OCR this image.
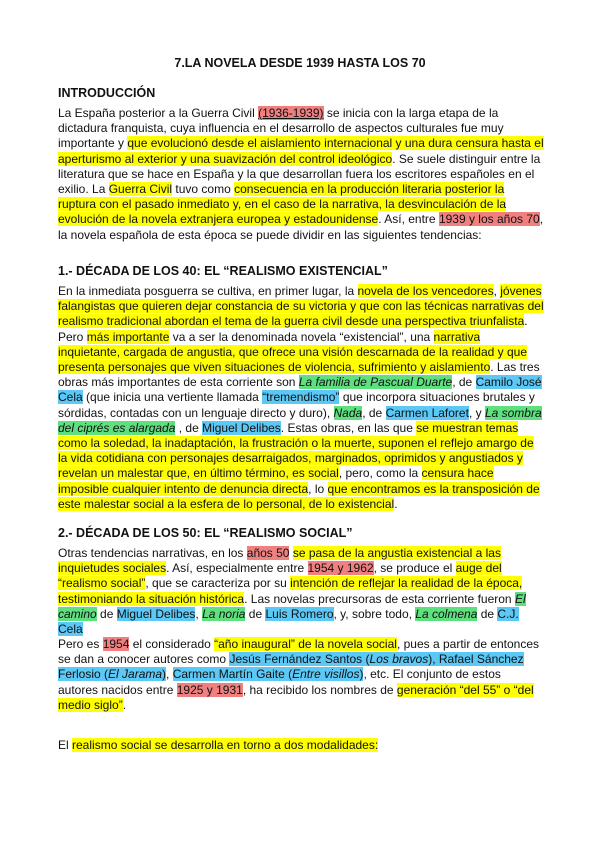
7.LA NOVELA DESDE 1939 HASTA LOS 70
INTRODUCCIÓN
La España posterior a la Guerra Civil (1936-1939) se inicia con la larga etapa de la dictadura franquista, cuya influencia en el desarrollo de aspectos culturales fue muy importante y que evolucionó desde el aislamiento internacional y una dura censura hasta el aperturismo al exterior y una suavización del control ideológico. Se suele distinguir entre la literatura que se hace en España y la que desarrollan fuera los escritores españoles en el exilio. La Guerra Civil tuvo como consecuencia en la producción literaria posterior la ruptura con el pasado inmediato y, en el caso de la narrativa, la desvinculación de la evolución de la novela extranjera europea y estadounidense. Así, entre 1939 y los años 70, la novela española de esta época se puede dividir en las siguientes tendencias:
1.- DÉCADA DE LOS 40: EL “REALISMO EXISTENCIAL”
En la inmediata posguerra se cultiva, en primer lugar, la novela de los vencedores, jóvenes falangistas que quieren dejar constancia de su victoria y que con las técnicas narrativas del realismo tradicional abordan el tema de la guerra civil desde una perspectiva triunfalista. Pero más importante va a ser la denominada novela “existencial”, una narrativa inquietante, cargada de angustia, que ofrece una visión descarnada de la realidad y que presenta personajes que viven situaciones de violencia, sufrimiento y aislamiento. Las tres obras más importantes de esta corriente son La familia de Pascual Duarte, de Camilo José Cela (que inicia una vertiente llamada “tremendismo” que incorpora situaciones brutales y sórdidas, contadas con un lenguaje directo y duro), Nada, de Carmen Laforet, y La sombra del ciprés es alargada , de Miguel Delibes. Estas obras, en las que se muestran temas como la soledad, la inadaptación, la frustración o la muerte, suponen el reflejo amargo de la vida cotidiana con personajes desarraigados, marginados, oprimidos y angustiados y revelan un malestar que, en último término, es social, pero, como la censura hace imposible cualquier intento de denuncia directa, lo que encontramos es la transposición de este malestar social a la esfera de lo personal, de lo existencial.
2.- DÉCADA DE LOS 50: EL “REALISMO SOCIAL”
Otras tendencias narrativas, en los años 50 se pasa de la angustia existencial a las inquietudes sociales. Así, especialmente entre 1954 y 1962, se produce el auge del “realismo social”, que se caracteriza por su intención de reflejar la realidad de la época, testimoniando la situación histórica. Las novelas precursoras de esta corriente fueron El camino de Miguel Delibes, La noria de Luis Romero, y, sobre todo, La colmena de C.J. Cela
Pero es 1954 el considerado “año inaugural” de la novela social, pues a partir de entonces se dan a conocer autores como Jesús Fernández Santos (Los bravos), Rafael Sánchez Ferlosio (El Jarama), Carmen Martín Gaite (Entre visillos), etc. El conjunto de estos autores nacidos entre 1925 y 1931, ha recibido los nombres de generación “del 55” o “del medio siglo”.
El realismo social se desarrolla en torno a dos modalidades:
